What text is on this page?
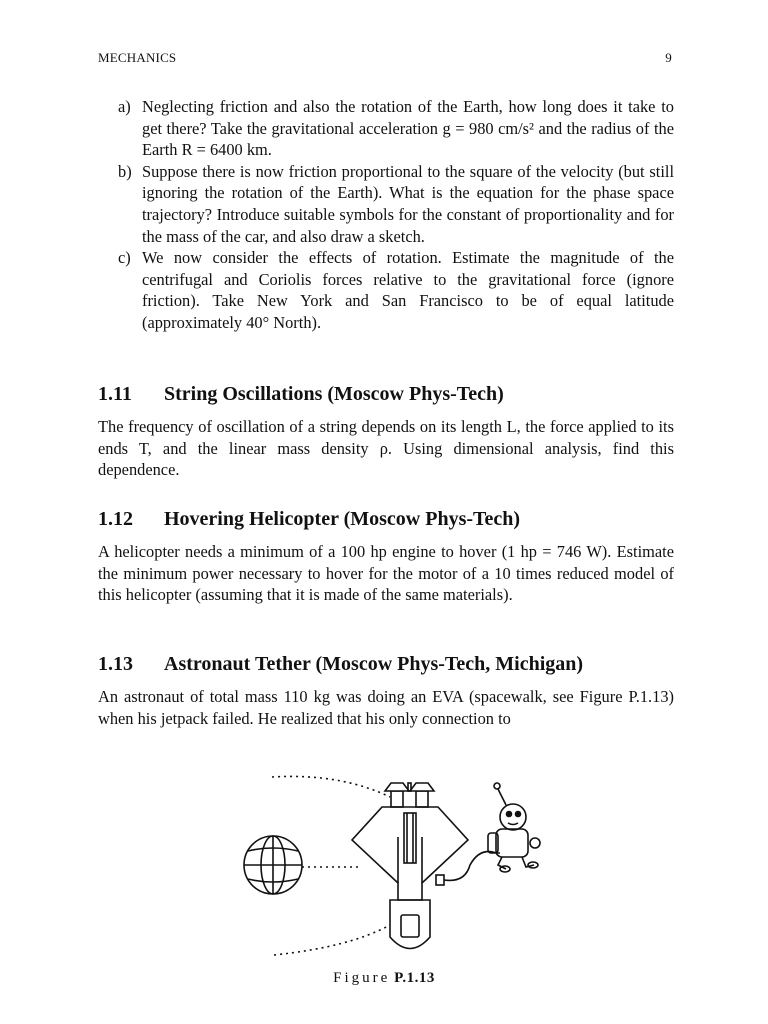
MECHANICS	9
a) Neglecting friction and also the rotation of the Earth, how long does it take to get there? Take the gravitational acceleration g = 980 cm/s² and the radius of the Earth R = 6400 km.
b) Suppose there is now friction proportional to the square of the velocity (but still ignoring the rotation of the Earth). What is the equation for the phase space trajectory? Introduce suitable symbols for the constant of proportionality and for the mass of the car, and also draw a sketch.
c) We now consider the effects of rotation. Estimate the magnitude of the centrifugal and Coriolis forces relative to the gravitational force (ignore friction). Take New York and San Francisco to be of equal latitude (approximately 40° North).
1.11 String Oscillations (Moscow Phys-Tech)

The frequency of oscillation of a string depends on its length L, the force applied to its ends T, and the linear mass density ρ. Using dimensional analysis, find this dependence.

1.12 Hovering Helicopter (Moscow Phys-Tech)

A helicopter needs a minimum of a 100 hp engine to hover (1 hp = 746 W). Estimate the minimum power necessary to hover for the motor of a 10 times reduced model of this helicopter (assuming that it is made of the same materials).

1.13 Astronaut Tether (Moscow Phys-Tech, Michigan)

An astronaut of total mass 110 kg was doing an EVA (spacewalk, see Figure P.1.13) when his jetpack failed. He realized that his only connection to

Figure P.1.13
